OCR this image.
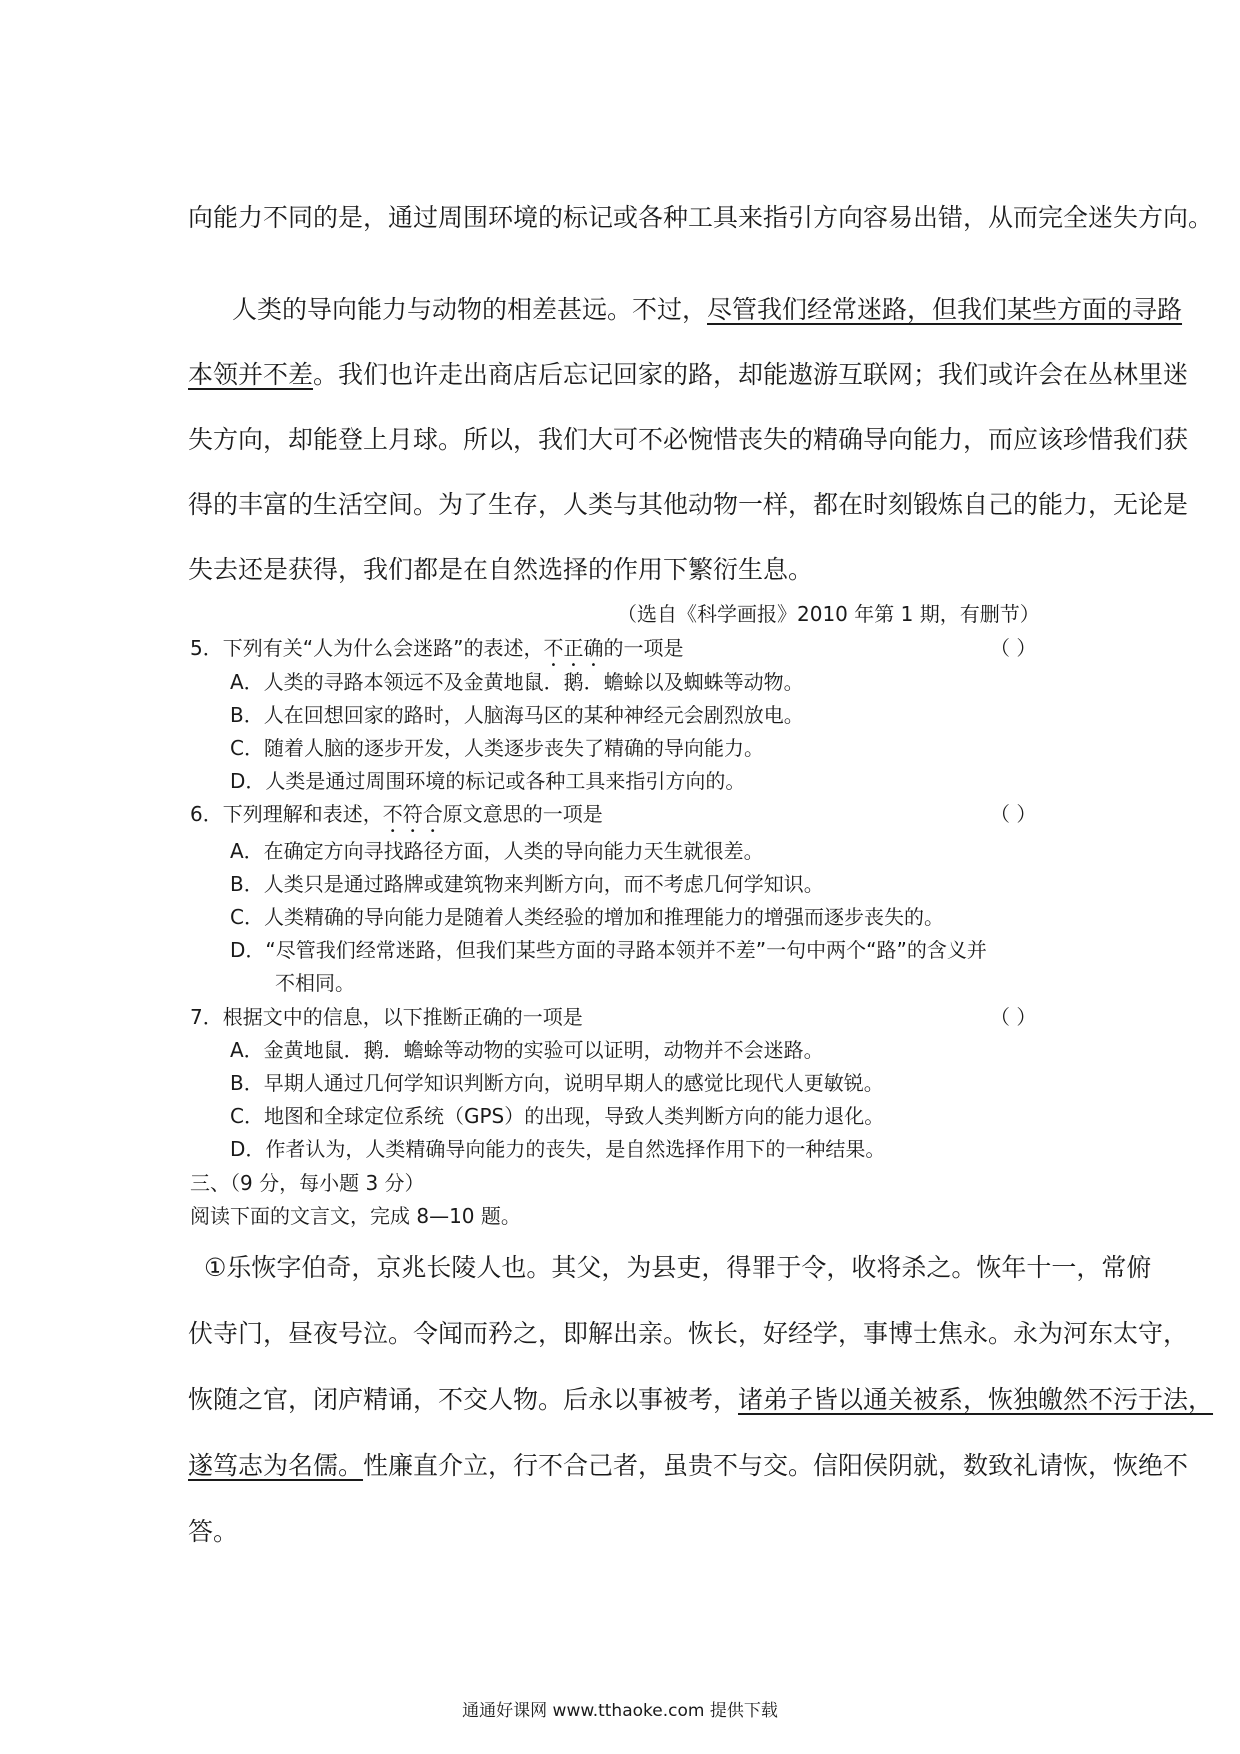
向能力不同的是，通过周围环境的标记或各种工具来指引方向容易出错，从而完全迷失方向。
人类的导向能力与动物的相差甚远。不过，尽管我们经常迷路，但我们某些方面的寻路
本领并不差。我们也许走出商店后忘记回家的路，却能遨游互联网；我们或许会在丛林里迷
失方向，却能登上月球。所以，我们大可不必惋惜丧失的精确导向能力，而应该珍惜我们获
得的丰富的生活空间。为了生存，人类与其他动物一样，都在时刻锻炼自己的能力，无论是
失去还是获得，我们都是在自然选择的作用下繁衍生息。
（选自《科学画报》2010 年第 1 期，有删节）
5．下列有关“人为什么会迷路”的表述，不正确的一项是	（ ）
A．人类的寻路本领远不及金黄地鼠．鹅．蟾蜍以及蜘蛛等动物。
B．人在回想回家的路时，人脑海马区的某种神经元会剧烈放电。
C．随着人脑的逐步开发，人类逐步丧失了精确的导向能力。
D．人类是通过周围环境的标记或各种工具来指引方向的。
6．下列理解和表述，不符合原文意思的一项是	（ ）
A．在确定方向寻找路径方面，人类的导向能力天生就很差。
B．人类只是通过路牌或建筑物来判断方向，而不考虑几何学知识。
C．人类精确的导向能力是随着人类经验的增加和推理能力的增强而逐步丧失的。
D．“尽管我们经常迷路，但我们某些方面的寻路本领并不差”一句中两个“路”的含义并
不相同。
7．根据文中的信息，以下推断正确的一项是	（ ）
A．金黄地鼠．鹅．蟾蜍等动物的实验可以证明，动物并不会迷路。
B．早期人通过几何学知识判断方向，说明早期人的感觉比现代人更敏锐。
C．地图和全球定位系统（GPS）的出现，导致人类判断方向的能力退化。
D．作者认为，人类精确导向能力的丧失，是自然选择作用下的一种结果。
三、（9 分，每小题 3 分）
阅读下面的文言文，完成 8—10 题。
①乐恢字伯奇，京兆长陵人也。其父，为县吏，得罪于令，收将杀之。恢年十一，常俯
伏寺门，昼夜号泣。令闻而矜之，即解出亲。恢长，好经学，事博士焦永。永为河东太守，
恢随之官，闭庐精诵，不交人物。后永以事被考，诸弟子皆以通关被系，恢独皦然不污于法，
遂笃志为名儒。性廉直介立，行不合己者，虽贵不与交。信阳侯阴就，数致礼请恢，恢绝不
答。
通通好课网 www.tthaoke.com 提供下载
